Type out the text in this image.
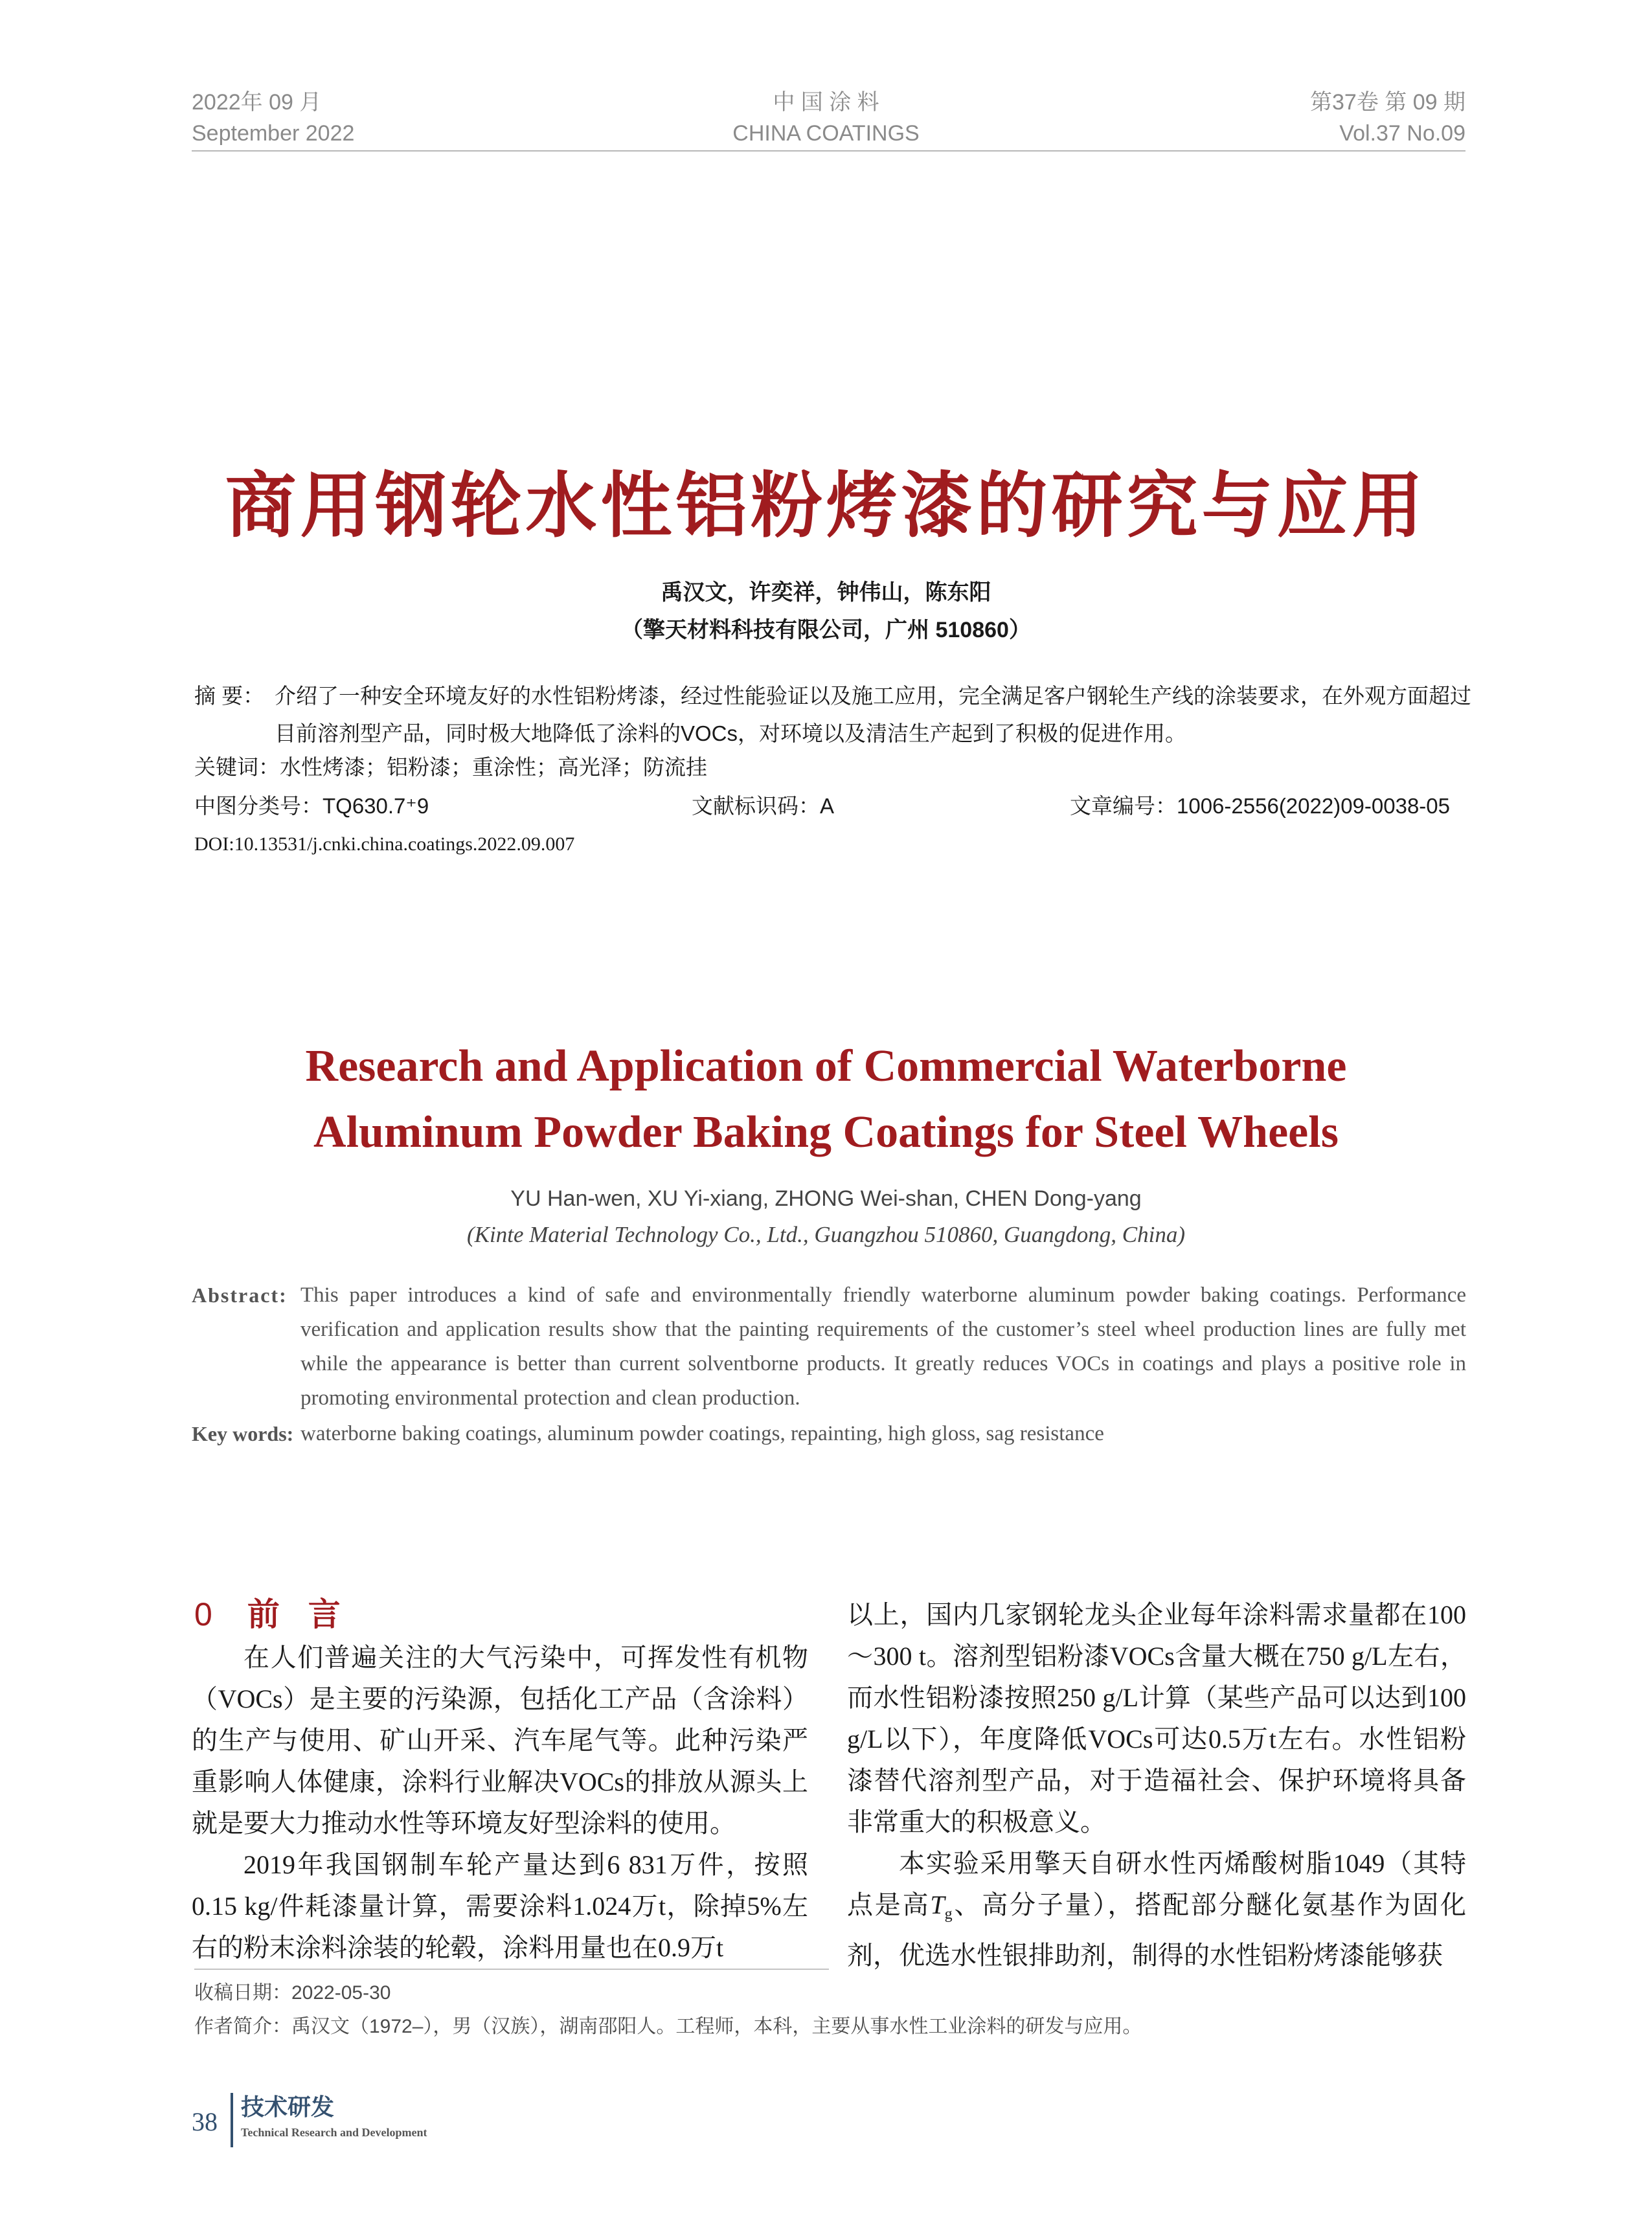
2022年 09 月
September 2022
中 国 涂 料
CHINA COATINGS
第37卷 第 09 期
Vol.37 No.09
商用钢轮水性铝粉烤漆的研究与应用
禹汉文，许奕祥，钟伟山，陈东阳
（擎天材料科技有限公司，广州 510860）
摘 要： 介绍了一种安全环境友好的水性铝粉烤漆，经过性能验证以及施工应用，完全满足客户钢轮生产线的涂装要求，在外观方面超过目前溶剂型产品，同时极大地降低了涂料的VOCs，对环境以及清洁生产起到了积极的促进作用。
关键词：水性烤漆；铝粉漆；重涂性；高光泽；防流挂
中图分类号：TQ630.7⁺9	文献标识码：A	文章编号：1006-2556(2022)09-0038-05
DOI:10.13531/j.cnki.china.coatings.2022.09.007
Research and Application of Commercial Waterborne
Aluminum Powder Baking Coatings for Steel Wheels
YU Han-wen, XU Yi-xiang, ZHONG Wei-shan, CHEN Dong-yang
(Kinte Material Technology Co., Ltd., Guangzhou 510860, Guangdong, China)
Abstract: This paper introduces a kind of safe and environmentally friendly waterborne aluminum powder baking coatings. Performance verification and application results show that the painting requirements of the customer’s steel wheel production lines are fully met while the appearance is better than current solventborne products. It greatly reduces VOCs in coatings and plays a positive role in promoting environmental protection and clean production.
Key words: waterborne baking coatings, aluminum powder coatings, repainting, high gloss, sag resistance
0 前言

在人们普遍关注的大气污染中，可挥发性有机物（VOCs）是主要的污染源，包括化工产品（含涂料）的生产与使用、矿山开采、汽车尾气等。此种污染严重影响人体健康，涂料行业解决VOCs的排放从源头上就是要大力推动水性等环境友好型涂料的使用。

2019年我国钢制车轮产量达到6 831万件，按照0.15 kg/件耗漆量计算，需要涂料1.024万t，除掉5%左右的粉末涂料涂装的轮毂，涂料用量也在0.9万t

以上，国内几家钢轮龙头企业每年涂料需求量都在100～300 t。溶剂型铝粉漆VOCs含量大概在750 g/L左右，而水性铝粉漆按照250 g/L计算（某些产品可以达到100 g/L以下），年度降低VOCs可达0.5万t左右。水性铝粉漆替代溶剂型产品，对于造福社会、保护环境将具备非常重大的积极意义。

本实验采用擎天自研水性丙烯酸树脂1049（其特点是高$T_g$、高分子量），搭配部分醚化氨基作为固化剂，优选水性银排助剂，制得的水性铝粉烤漆能够获

收稿日期：2022-05-30
作者简介：禹汉文（1972–），男（汉族），湖南邵阳人。工程师，本科，主要从事水性工业涂料的研发与应用。
38
技术研发
Technical Research and Development
